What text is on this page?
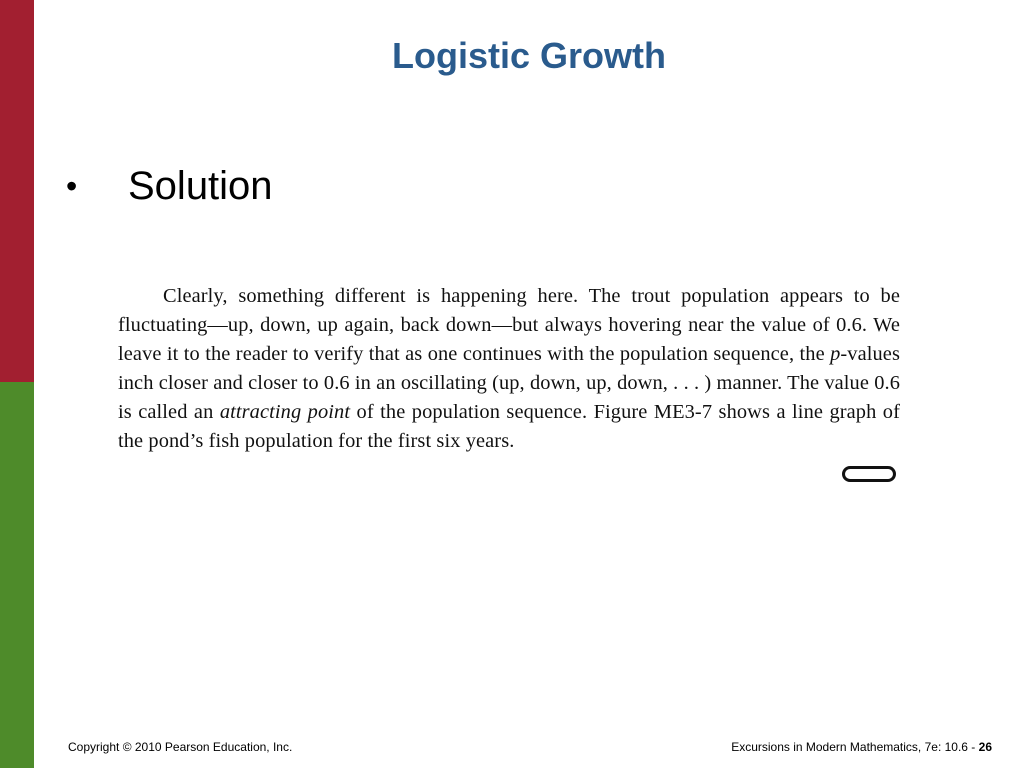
Logistic Growth
•	Solution

Clearly, something different is happening here. The trout population appears to be fluctuating—up, down, up again, back down—but always hovering near the value of 0.6. We leave it to the reader to verify that as one continues with the population sequence, the p-values inch closer and closer to 0.6 in an oscillating (up, down, up, down, . . . ) manner. The value 0.6 is called an attracting point of the population sequence. Figure ME3-7 shows a line graph of the pond’s fish population for the first six years.

Copyright © 2010 Pearson Education, Inc.	Excursions in Modern Mathematics, 7e: 10.6 - 26
